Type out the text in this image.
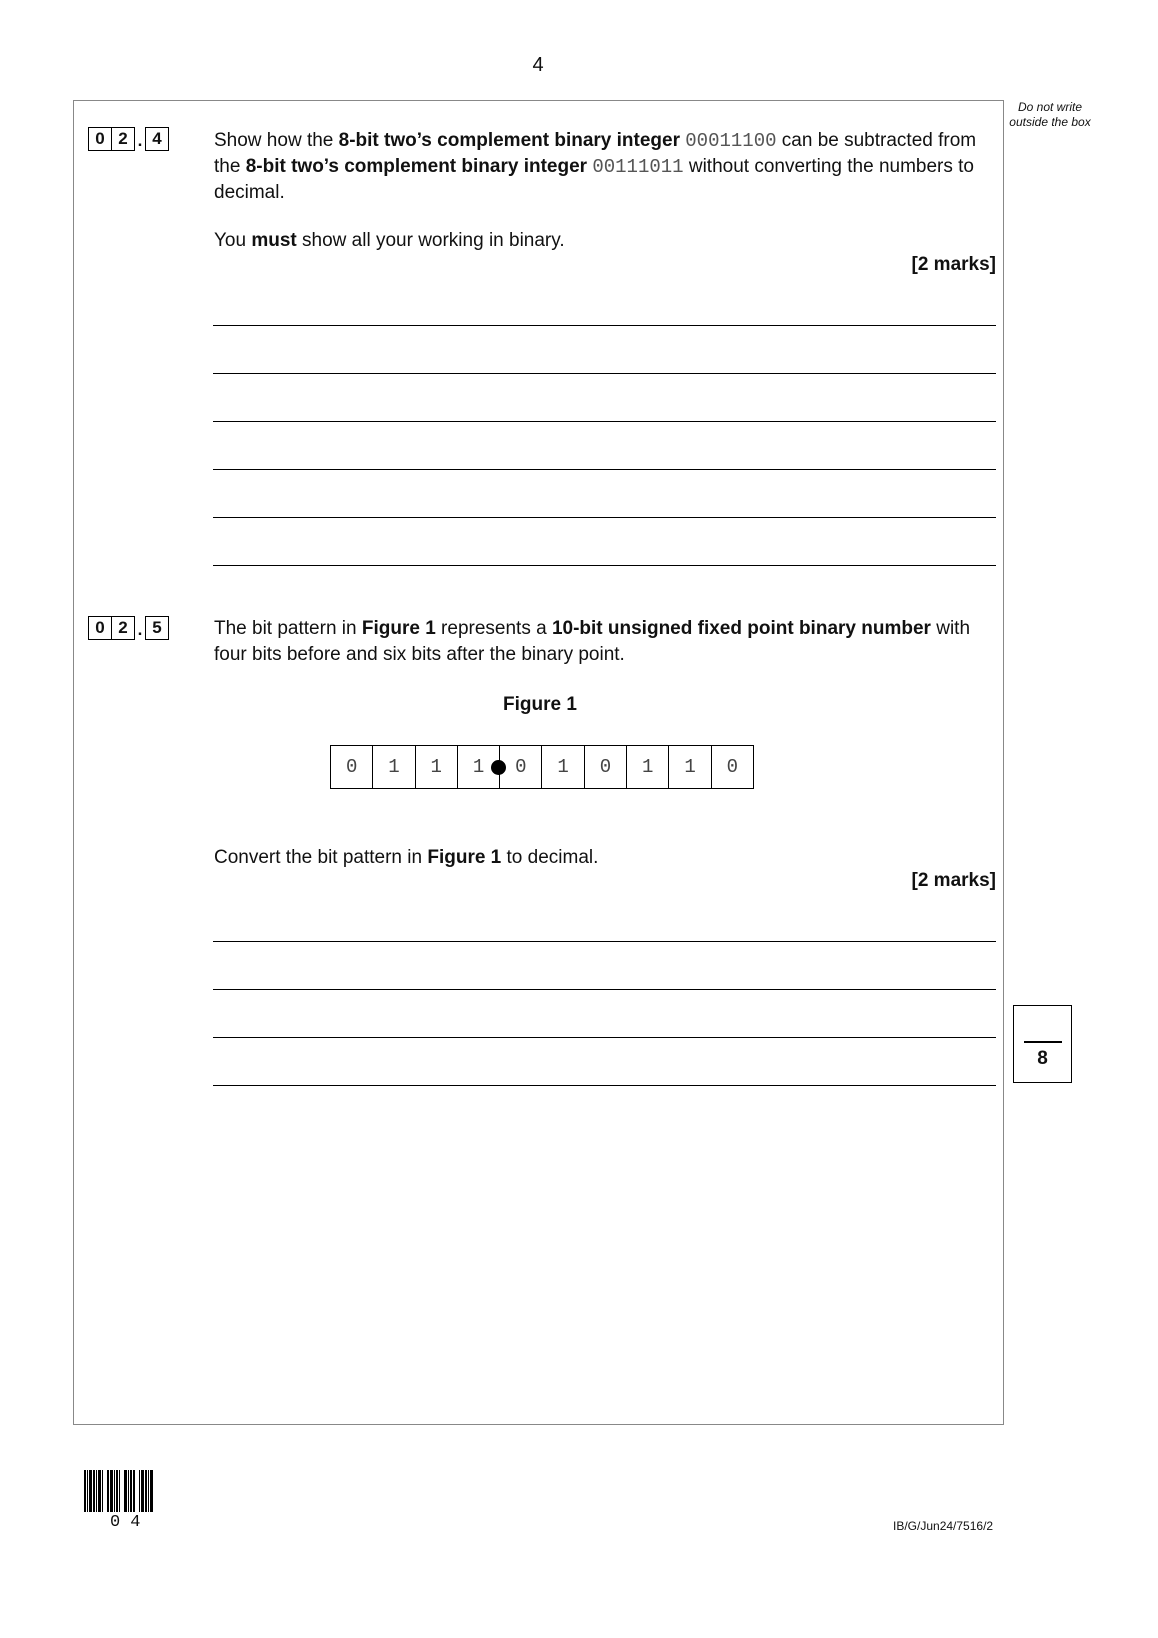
4
Do not write outside the box
0 2 . 4	Show how the 8-bit two’s complement binary integer 00011100 can be subtracted from the 8-bit two’s complement binary integer 00111011 without converting the numbers to decimal.
You must show all your working in binary.
[2 marks]
0 2 . 5	The bit pattern in Figure 1 represents a 10-bit unsigned fixed point binary number with four bits before and six bits after the binary point.
Figure 1
0	1	1	1	0	1	0	1	1	0
Convert the bit pattern in Figure 1 to decimal.
[2 marks]
8
04	IB/G/Jun24/7516/2
